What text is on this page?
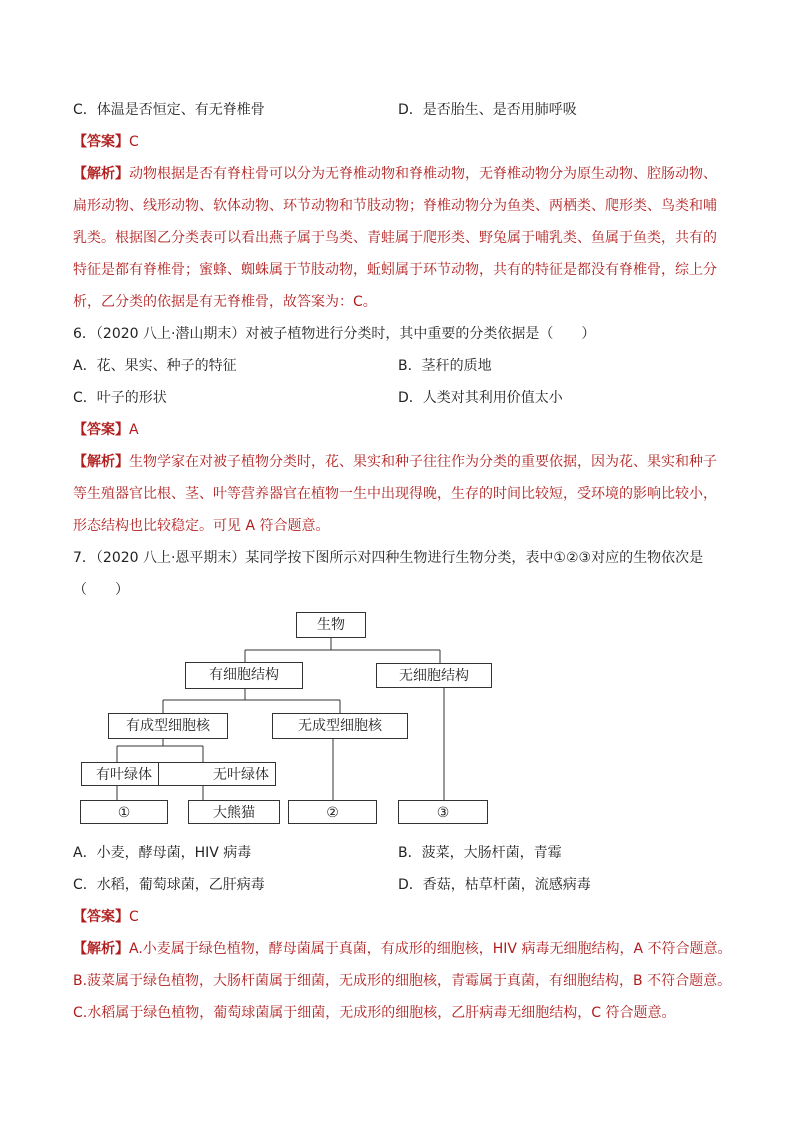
C．体温是否恒定、有无脊椎骨	D．是否胎生、是否用肺呼吸
【答案】C
【解析】动物根据是否有脊柱骨可以分为无脊椎动物和脊椎动物，无脊椎动物分为原生动物、腔肠动物、
扁形动物、线形动物、软体动物、环节动物和节肢动物；脊椎动物分为鱼类、两栖类、爬形类、鸟类和哺
乳类。根据图乙分类表可以看出燕子属于鸟类、青蛙属于爬形类、野兔属于哺乳类、鱼属于鱼类，共有的
特征是都有脊椎骨；蜜蜂、蜘蛛属于节肢动物，蚯蚓属于环节动物，共有的特征是都没有脊椎骨，综上分
析，乙分类的依据是有无脊椎骨，故答案为：C。
6．（2020 八上·潜山期末）对被子植物进行分类时，其中重要的分类依据是（　　）
A．花、果实、种子的特征	B．茎秆的质地
C．叶子的形状	D．人类对其利用价值太小
【答案】A
【解析】生物学家在对被子植物分类时，花、果实和种子往往作为分类的重要依据，因为花、果实和种子
等生殖器官比根、茎、叶等营养器官在植物一生中出现得晚，生存的时间比较短，受环境的影响比较小，
形态结构也比较稳定。可见 A 符合题意。
7．（2020 八上·恩平期末）某同学按下图所示对四种生物进行生物分类，表中①②③对应的生物依次是
（　　）
生物
有细胞结构	无细胞结构
有成型细胞核	无成型细胞核
有叶绿体	无叶绿体
①	大熊猫	②	③
A．小麦，酵母菌，HIV 病毒	B．菠菜，大肠杆菌，青霉
C．水稻，葡萄球菌，乙肝病毒	D．香菇，枯草杆菌，流感病毒
【答案】C
【解析】A.小麦属于绿色植物，酵母菌属于真菌，有成形的细胞核，HIV 病毒无细胞结构，A 不符合题意。
B.菠菜属于绿色植物，大肠杆菌属于细菌，无成形的细胞核，青霉属于真菌，有细胞结构，B 不符合题意。
C.水稻属于绿色植物，葡萄球菌属于细菌，无成形的细胞核，乙肝病毒无细胞结构，C 符合题意。
